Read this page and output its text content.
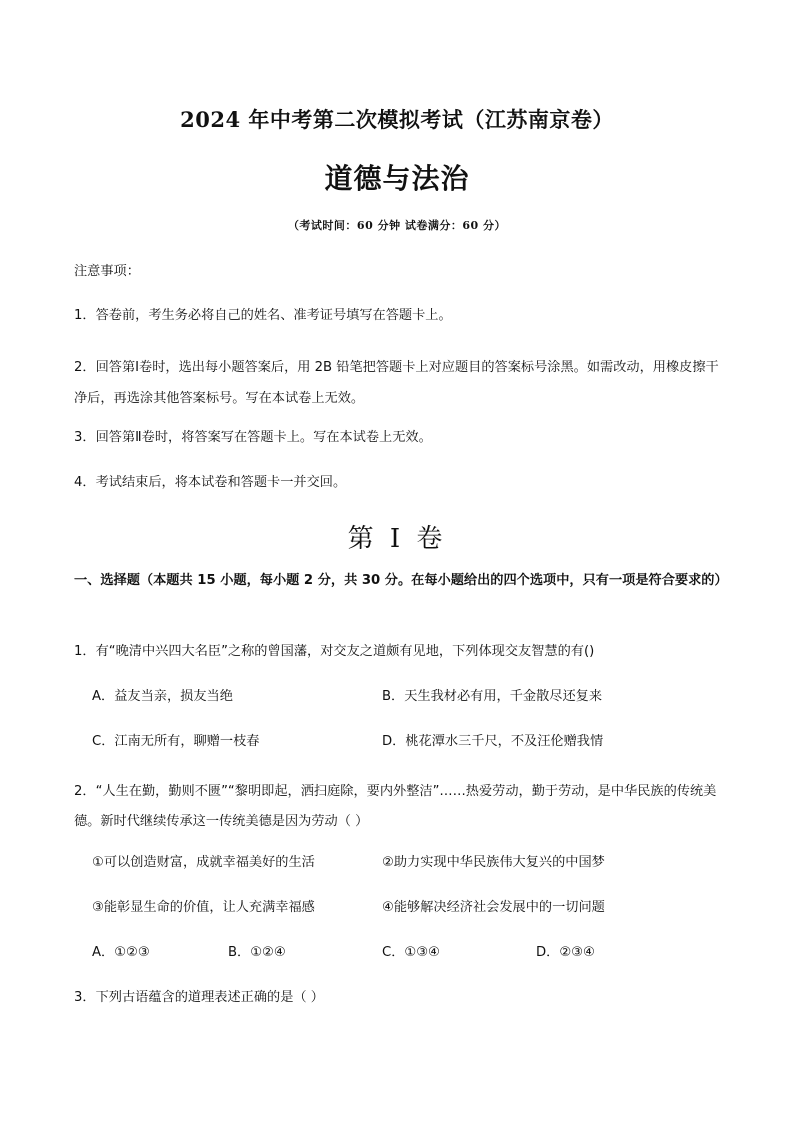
2024 年中考第二次模拟考试（江苏南京卷）
道德与法治
（考试时间：60 分钟 试卷满分：60 分）
注意事项：
1．答卷前，考生务必将自己的姓名、准考证号填写在答题卡上。
2．回答第Ⅰ卷时，选出每小题答案后，用 2B 铅笔把答题卡上对应题目的答案标号涂黑。如需改动，用橡皮擦干净后，再选涂其他答案标号。写在本试卷上无效。
3．回答第Ⅱ卷时，将答案写在答题卡上。写在本试卷上无效。
4．考试结束后，将本试卷和答题卡一并交回。
第 I 卷
一、选择题（本题共 15 小题，每小题 2 分，共 30 分。在每小题给出的四个选项中，只有一项是符合要求的）
1．有“晚清中兴四大名臣”之称的曾国藩，对交友之道颇有见地，下列体现交友智慧的有()
A．益友当亲，损友当绝	B．天生我材必有用，千金散尽还复来
C．江南无所有，聊赠一枝春	D．桃花潭水三千尺，不及汪伦赠我情
2．“人生在勤，勤则不匮”“黎明即起，洒扫庭除，要内外整洁”……热爱劳动，勤于劳动，是中华民族的传统美德。新时代继续传承这一传统美德是因为劳动（ ）
①可以创造财富，成就幸福美好的生活	②助力实现中华民族伟大复兴的中国梦
③能彰显生命的价值，让人充满幸福感	④能够解决经济社会发展中的一切问题
A．①②③	B．①②④	C．①③④	D．②③④
3．下列古语蕴含的道理表述正确的是（ ）
